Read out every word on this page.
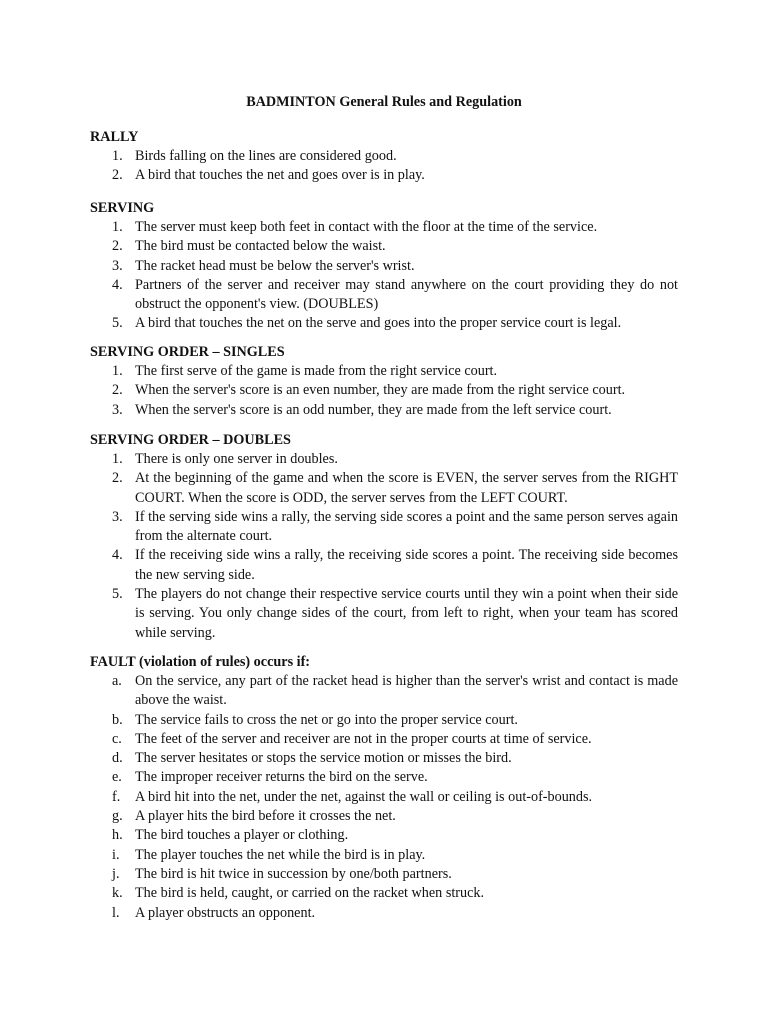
BADMINTON General Rules and Regulation
RALLY
1. Birds falling on the lines are considered good.
2. A bird that touches the net and goes over is in play.
SERVING
1. The server must keep both feet in contact with the floor at the time of the service.
2. The bird must be contacted below the waist.
3. The racket head must be below the server's wrist.
4. Partners of the server and receiver may stand anywhere on the court providing they do not obstruct the opponent's view. (DOUBLES)
5. A bird that touches the net on the serve and goes into the proper service court is legal.
SERVING ORDER – SINGLES
1. The first serve of the game is made from the right service court.
2. When the server's score is an even number, they are made from the right service court.
3. When the server's score is an odd number, they are made from the left service court.
SERVING ORDER – DOUBLES
1. There is only one server in doubles.
2. At the beginning of the game and when the score is EVEN, the server serves from the RIGHT COURT. When the score is ODD, the server serves from the LEFT COURT.
3. If the serving side wins a rally, the serving side scores a point and the same person serves again from the alternate court.
4. If the receiving side wins a rally, the receiving side scores a point. The receiving side becomes the new serving side.
5. The players do not change their respective service courts until they win a point when their side is serving. You only change sides of the court, from left to right, when your team has scored while serving.
FAULT (violation of rules) occurs if:
a. On the service, any part of the racket head is higher than the server's wrist and contact is made above the waist.
b. The service fails to cross the net or go into the proper service court.
c. The feet of the server and receiver are not in the proper courts at time of service.
d. The server hesitates or stops the service motion or misses the bird.
e. The improper receiver returns the bird on the serve.
f. A bird hit into the net, under the net, against the wall or ceiling is out-of-bounds.
g. A player hits the bird before it crosses the net.
h. The bird touches a player or clothing.
i. The player touches the net while the bird is in play.
j. The bird is hit twice in succession by one/both partners.
k. The bird is held, caught, or carried on the racket when struck.
l. A player obstructs an opponent.
